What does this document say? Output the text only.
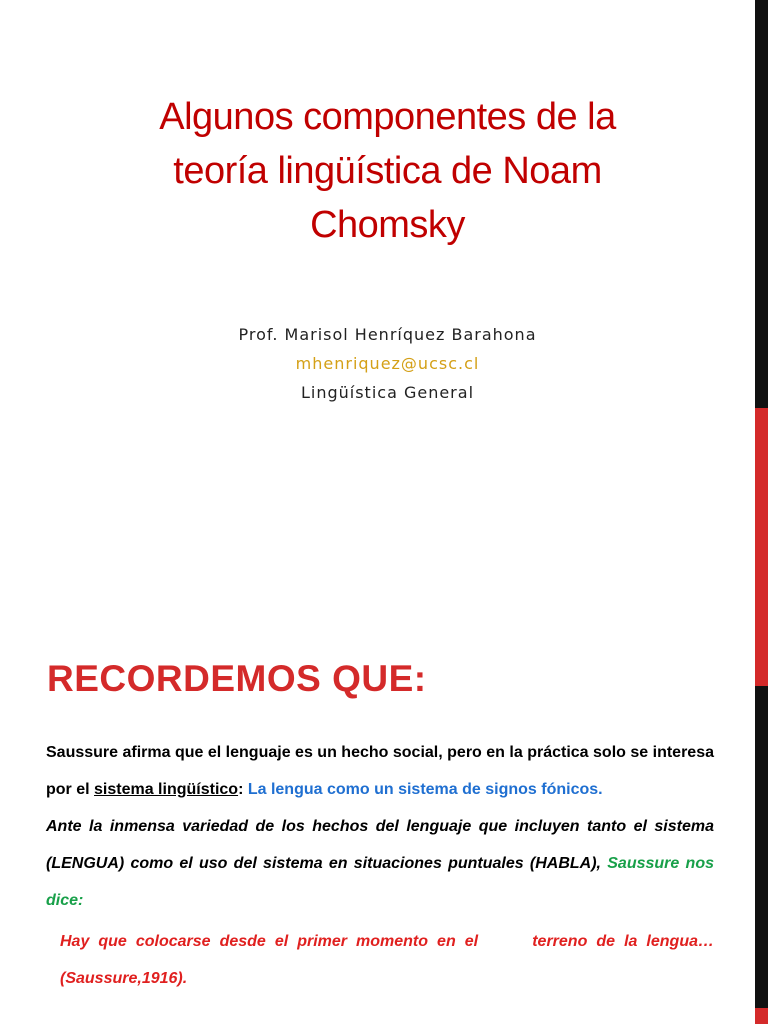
Algunos componentes de la
teoría lingüística de Noam
Chomsky
Prof. Marisol Henríquez Barahona
mhenriquez@ucsc.cl
Lingüística General
RECORDEMOS QUE:

Saussure afirma que el lenguaje es un hecho social, pero en la práctica solo se interesa por el sistema lingüístico: La lengua como un sistema de signos fónicos.

Ante la inmensa variedad de los hechos del lenguaje que incluyen tanto el sistema (LENGUA) como el uso del sistema en situaciones puntuales (HABLA), Saussure nos dice:

Hay que colocarse desde el primer momento en el      terreno de la lengua… (Saussure,1916).
